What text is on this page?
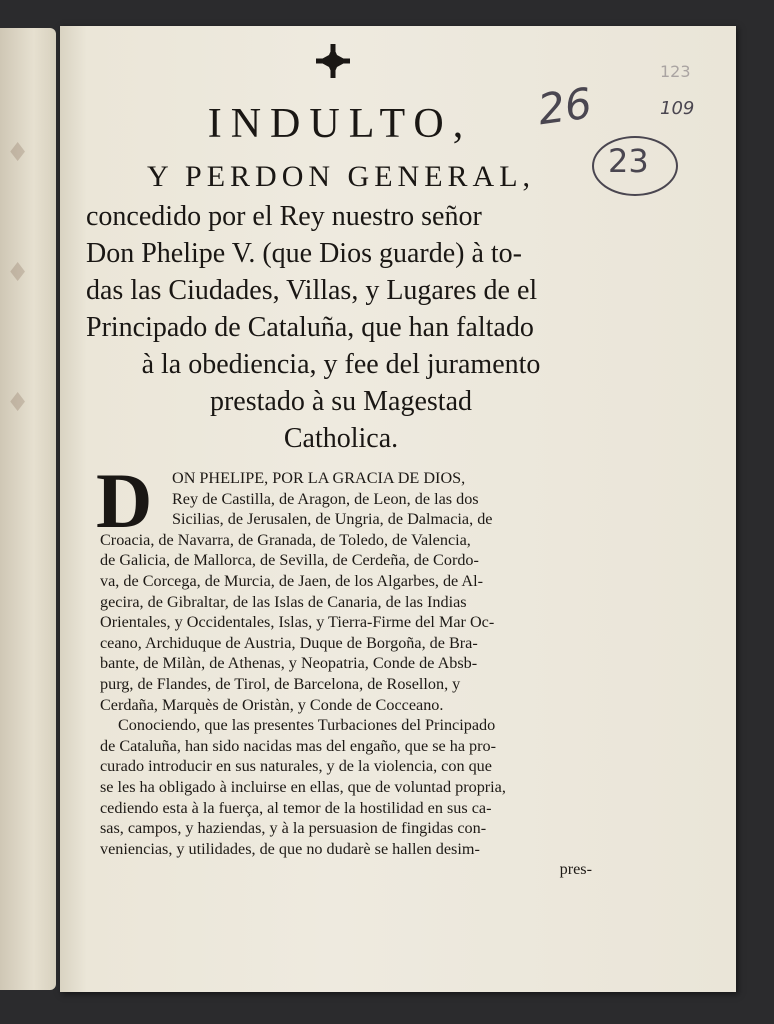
♦
♦
♦
123
26	109
23
INDULTO,
Y PERDON GENERAL,
concedido por el Rey nuestro señor
Don Phelipe V. (que Dios guarde) à to-
das las Ciudades, Villas, y Lugares de el
Principado de Cataluña, que han faltado
à la obediencia, y fee del juramento
prestado à su Magestad
Catholica.
D	ON PHELIPE, POR LA GRACIA DE DIOS,
Rey de Castilla, de Aragon, de Leon, de las dos
Sicilias, de Jerusalen, de Ungria, de Dalmacia, de
Croacia, de Navarra, de Granada, de Toledo, de Valencia,
de Galicia, de Mallorca, de Sevilla, de Cerdeña, de Cordo-
va, de Corcega, de Murcia, de Jaen, de los Algarbes, de Al-
gecira, de Gibraltar, de las Islas de Canaria, de las Indias
Orientales, y Occidentales, Islas, y Tierra-Firme del Mar Oc-
ceano, Archiduque de Austria, Duque de Borgoña, de Bra-
bante, de Milàn, de Athenas, y Neopatria, Conde de Absb-
purg, de Flandes, de Tirol, de Barcelona, de Rosellon, y
Cerdaña, Marquès de Oristàn, y Conde de Cocceano.
Conociendo, que las presentes Turbaciones del Principado
de Cataluña, han sido nacidas mas del engaño, que se ha pro-
curado introducir en sus naturales, y de la violencia, con que
se les ha obligado à incluirse en ellas, que de voluntad propria,
cediendo esta à la fuerça, al temor de la hostilidad en sus ca-
sas, campos, y haziendas, y à la persuasion de fingidas con-
veniencias, y utilidades, de que no dudarè se hallen desim-
pres-
